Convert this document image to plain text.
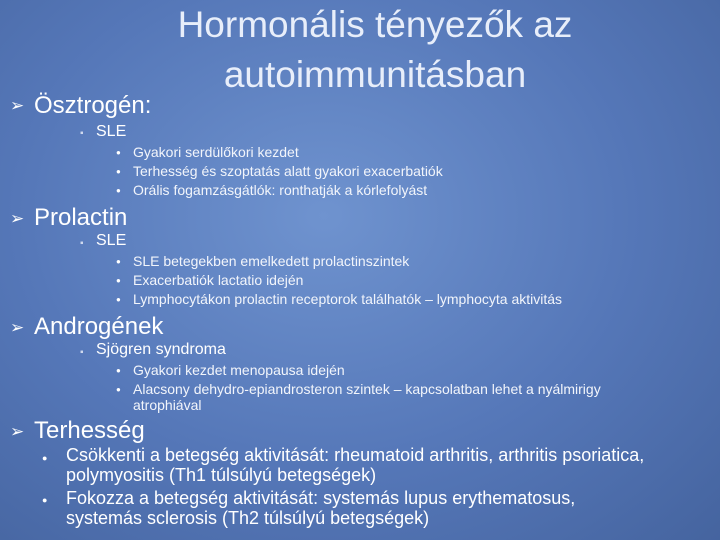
Hormonális tényezők az
autoimmunitásban
➢ Ösztrogén:
▪ SLE
● Gyakori serdülőkori kezdet
● Terhesség és szoptatás alatt gyakori exacerbatiók
● Orális fogamzásgátlók: ronthatják a kórlefolyást
➢ Prolactin
▪ SLE
● SLE betegekben emelkedett prolactinszintek
● Exacerbatiók lactatio idején
● Lymphocytákon prolactin receptorok találhatók – lymphocyta aktivitás
➢ Androgének
▪ Sjögren syndroma
● Gyakori kezdet menopausa idején
● Alacsony dehydro-epiandrosteron szintek – kapcsolatban lehet a nyálmirigy
atrophiával
➢ Terhesség
● Csökkenti a betegség aktivitását: rheumatoid arthritis, arthritis psoriatica,
polymyositis (Th1 túlsúlyú betegségek)
● Fokozza a betegség aktivitását: systemás lupus erythematosus,
systemás sclerosis (Th2 túlsúlyú betegségek)
